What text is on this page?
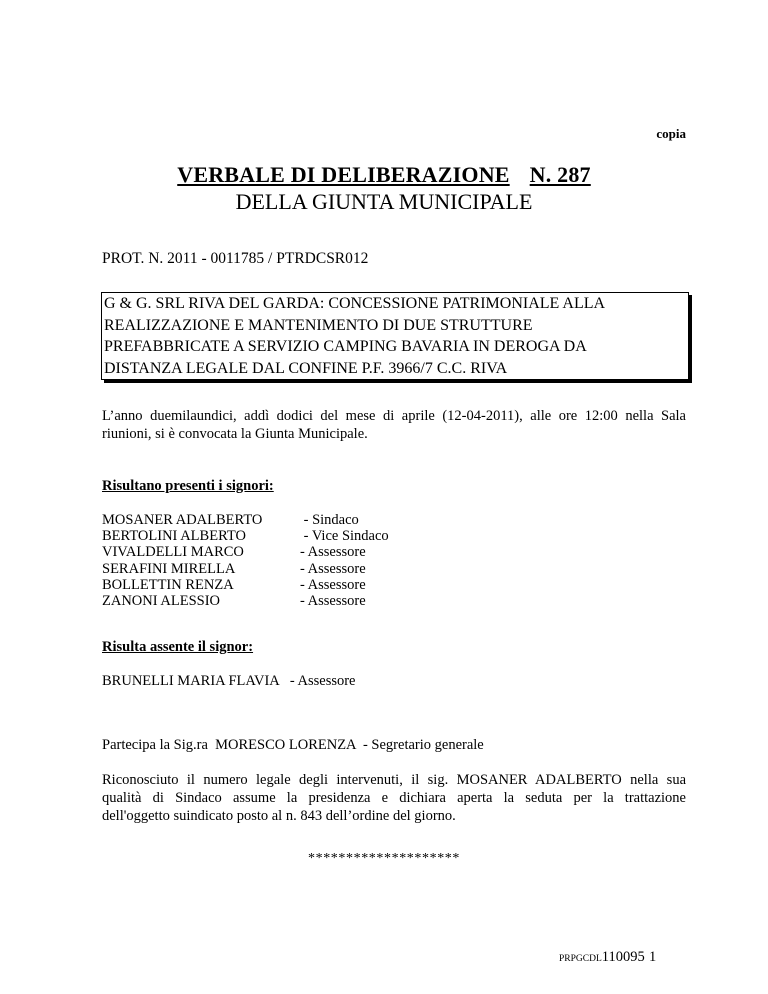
copia
VERBALE DI DELIBERAZIONE N. 287
DELLA GIUNTA MUNICIPALE
PROT. N. 2011 - 0011785 / PTRDCSR012

G & G. SRL RIVA DEL GARDA: CONCESSIONE PATRIMONIALE ALLA

REALIZZAZIONE E MANTENIMENTO DI DUE STRUTTURE

PREFABBRICATE A SERVIZIO CAMPING BAVARIA IN DEROGA DA

DISTANZA LEGALE DAL CONFINE P.F. 3966/7 C.C. RIVA

L’anno duemilaundici, addì dodici del mese di aprile (12-04-2011), alle ore 12:00 nella Sala
riunioni, si è convocata la Giunta Municipale.
Risultano presenti i signori:
MOSANER ADALBERTO	- Sindaco
BERTOLINI ALBERTO	- Vice Sindaco
VIVALDELLI MARCO	- Assessore
SERAFINI MIRELLA	- Assessore
BOLLETTIN RENZA	- Assessore
ZANONI ALESSIO	- Assessore
Risulta assente il signor:
BRUNELLI MARIA FLAVIA - Assessore
Partecipa la Sig.ra  MORESCO LORENZA  - Segretario generale
Riconosciuto il numero legale degli intervenuti, il sig. MOSANER ADALBERTO nella sua
qualità di Sindaco assume la presidenza e dichiara aperta la seduta per la trattazione
dell'oggetto suindicato posto al n. 843 dell’ordine del giorno.
********************
PRPGCDL110095 1
